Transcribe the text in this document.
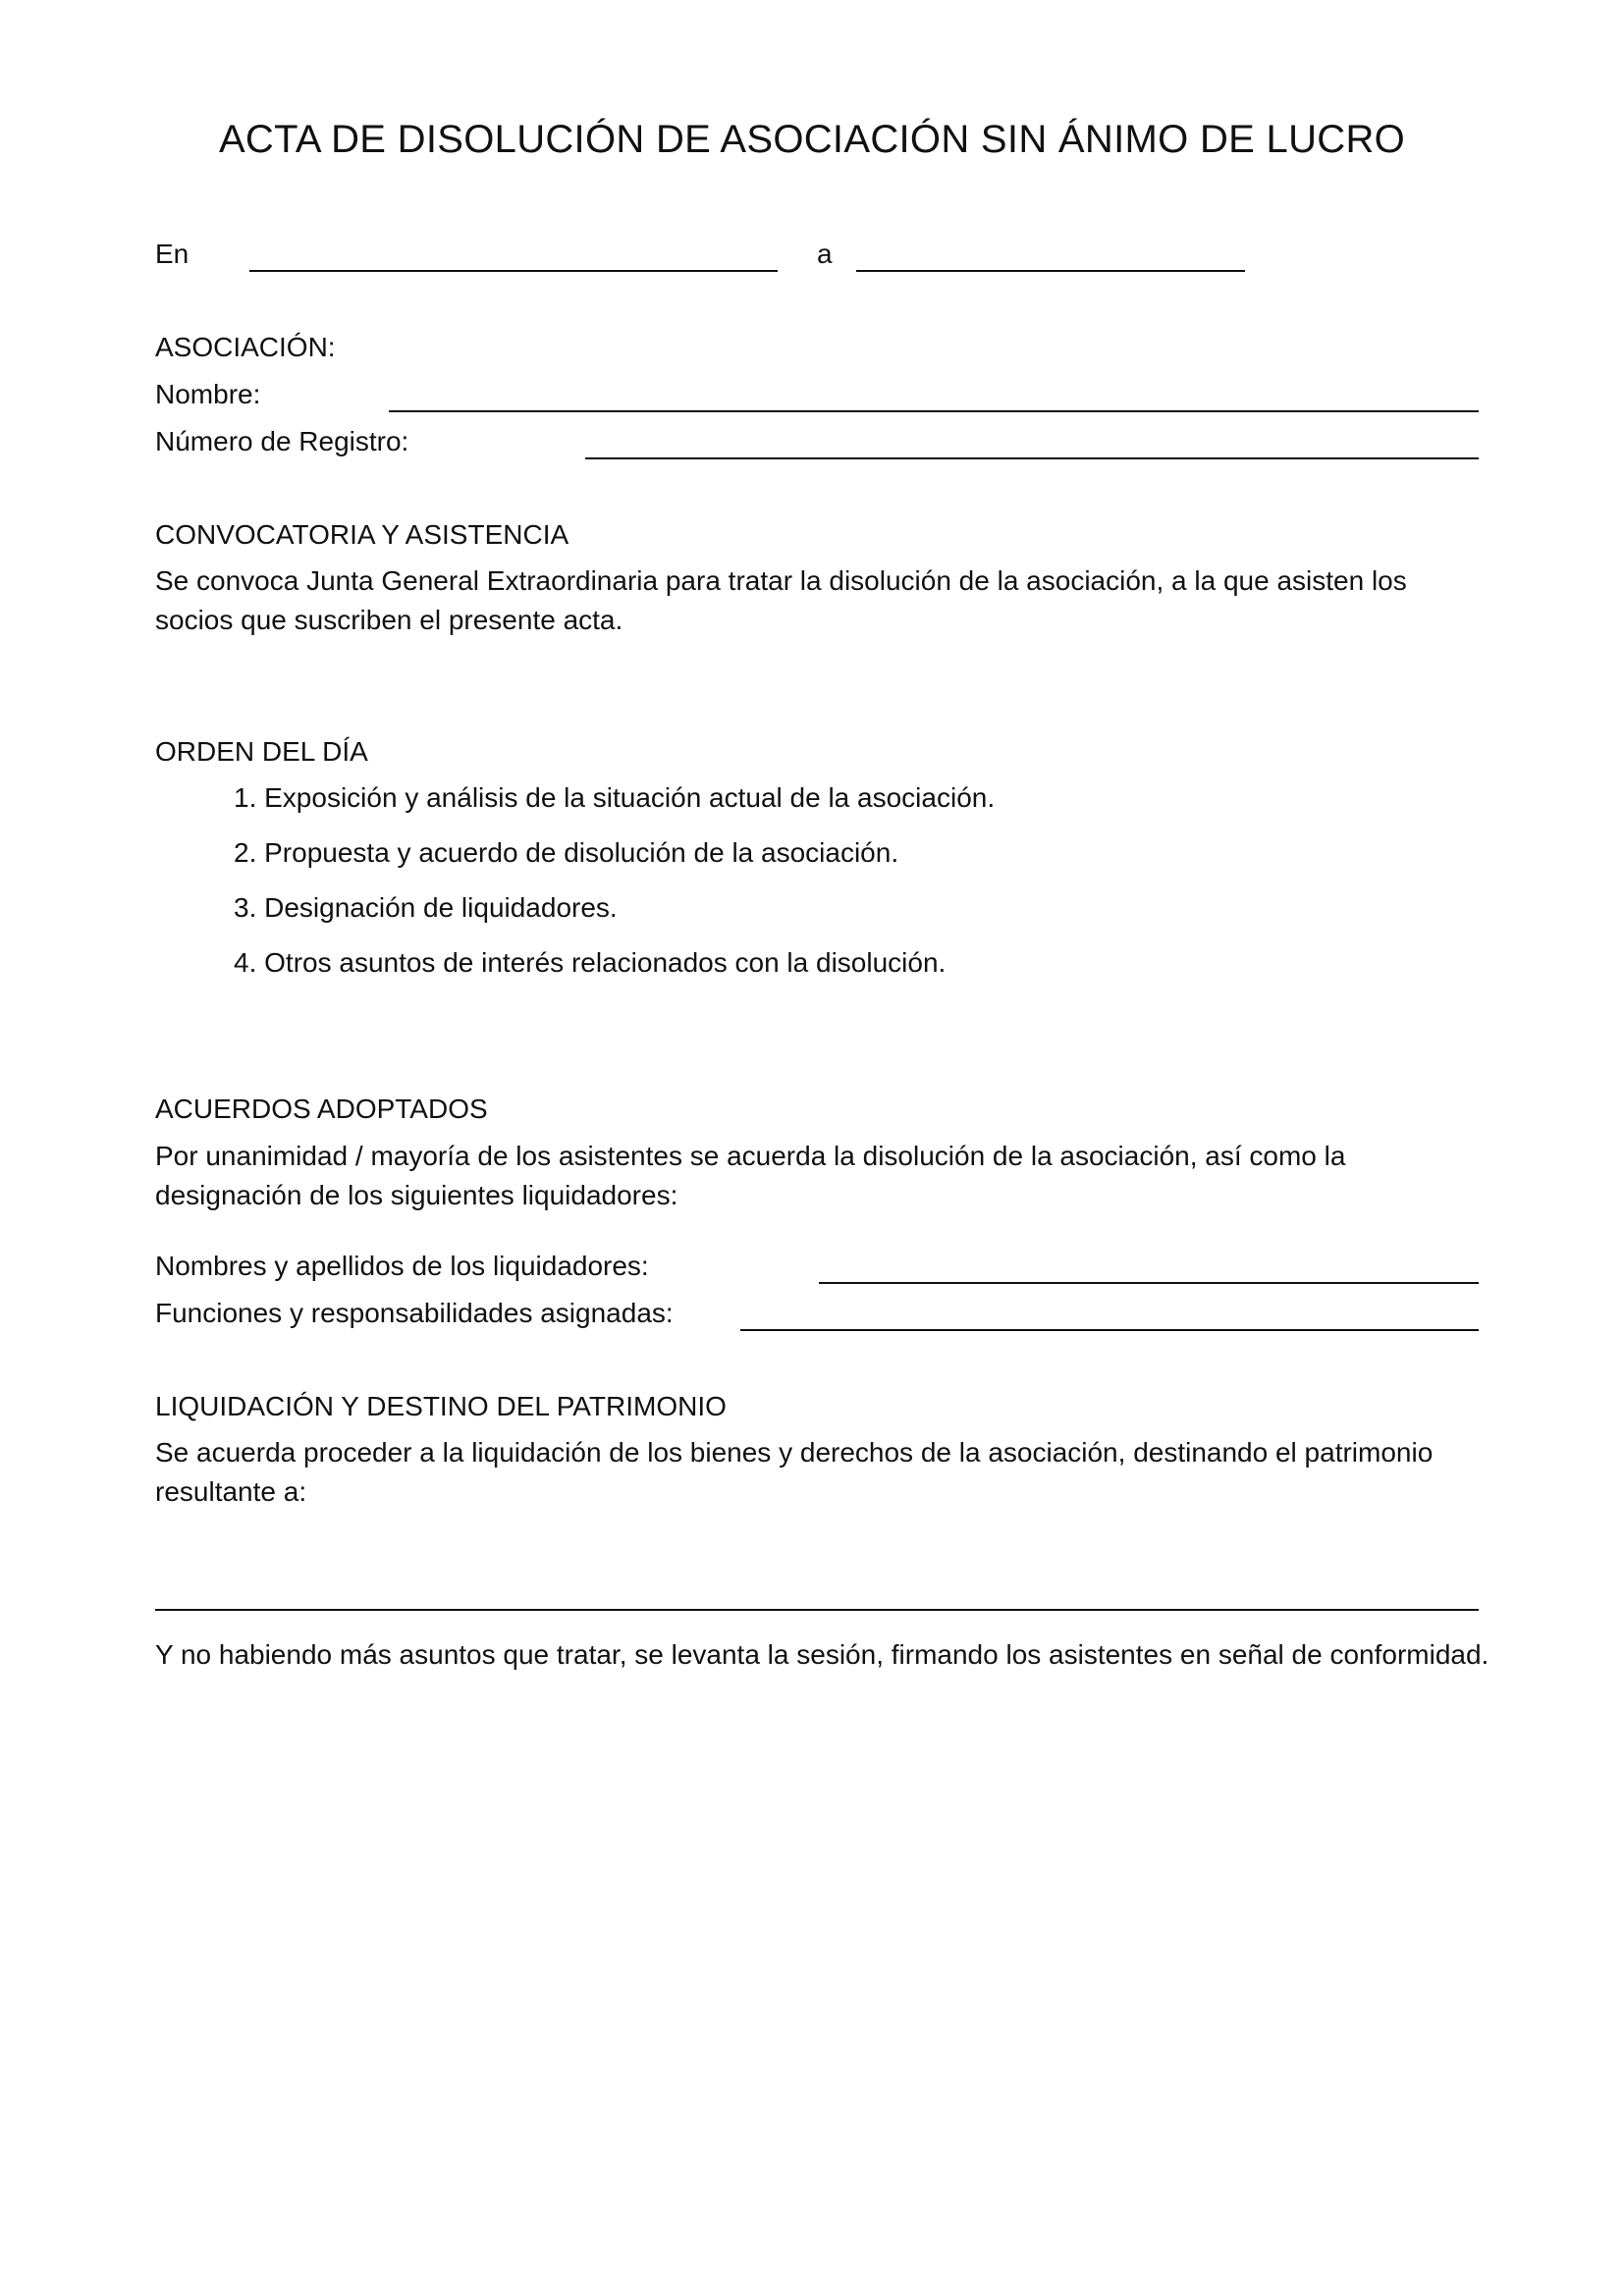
ACTA DE DISOLUCIÓN DE ASOCIACIÓN SIN ÁNIMO DE LUCRO
En	a
ASOCIACIÓN:
Nombre:
Número de Registro:
CONVOCATORIA Y ASISTENCIA
Se convoca Junta General Extraordinaria para tratar la disolución de la asociación, a la que asisten los socios que suscriben el presente acta.
ORDEN DEL DÍA
1. Exposición y análisis de la situación actual de la asociación.
2. Propuesta y acuerdo de disolución de la asociación.
3. Designación de liquidadores.
4. Otros asuntos de interés relacionados con la disolución.
ACUERDOS ADOPTADOS
Por unanimidad / mayoría de los asistentes se acuerda la disolución de la asociación, así como la designación de los siguientes liquidadores:
Nombres y apellidos de los liquidadores:
Funciones y responsabilidades asignadas:
LIQUIDACIÓN Y DESTINO DEL PATRIMONIO
Se acuerda proceder a la liquidación de los bienes y derechos de la asociación, destinando el patrimonio resultante a:
Y no habiendo más asuntos que tratar, se levanta la sesión, firmando los asistentes en señal de conformidad.
